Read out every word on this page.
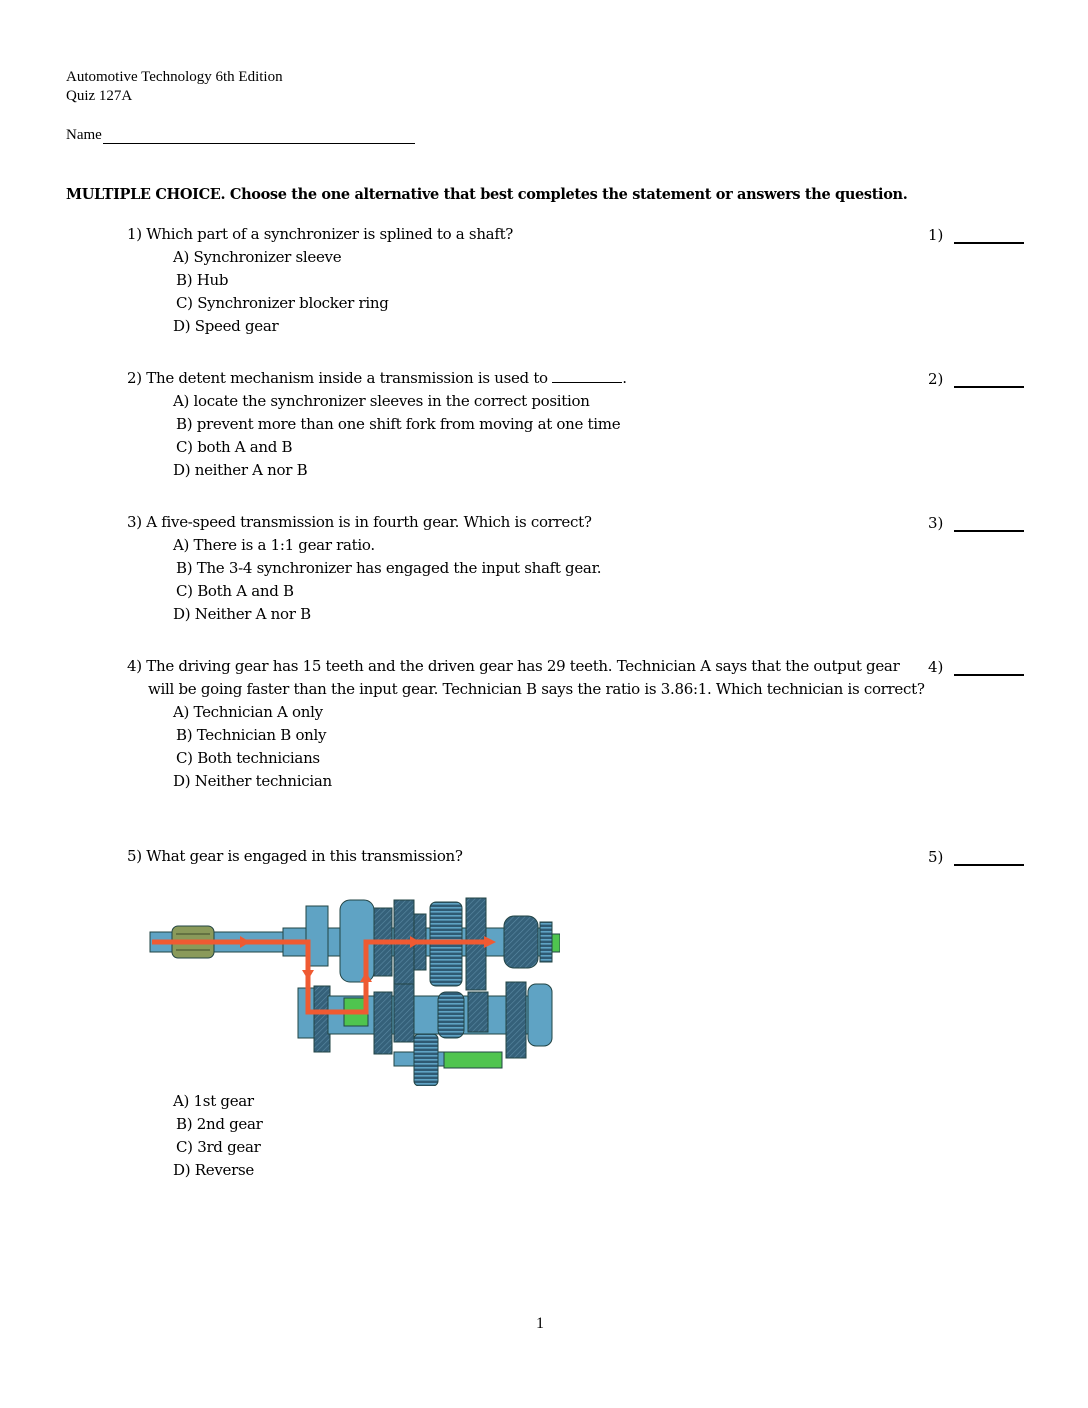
Automotive Technology 6th Edition
Quiz 127A
Name
MULTIPLE CHOICE. Choose the one alternative that best completes the statement or answers the question.
1) Which part of a synchronizer is splined to a shaft?
A) Synchronizer sleeve
B) Hub
C) Synchronizer blocker ring
D) Speed gear
1)
2) The detent mechanism inside a transmission is used to	.
A) locate the synchronizer sleeves in the correct position
B) prevent more than one shift fork from moving at one time
C) both A and B
D) neither A nor B
2)
3) A five-speed transmission is in fourth gear. Which is correct?
A) There is a 1:1 gear ratio.
B) The 3-4 synchronizer has engaged the input shaft gear.
C) Both A and B
D) Neither A nor B
3)
4) The driving gear has 15 teeth and the driven gear has 29 teeth. Technician A says that the output gear will be going faster than the input gear. Technician B says the ratio is 3.86:1. Which technician is correct?
A) Technician A only
B) Technician B only
C) Both technicians
D) Neither technician
4)
5) What gear is engaged in this transmission?	5)
A) 1st gear
B) 2nd gear
C) 3rd gear
D) Reverse
1
